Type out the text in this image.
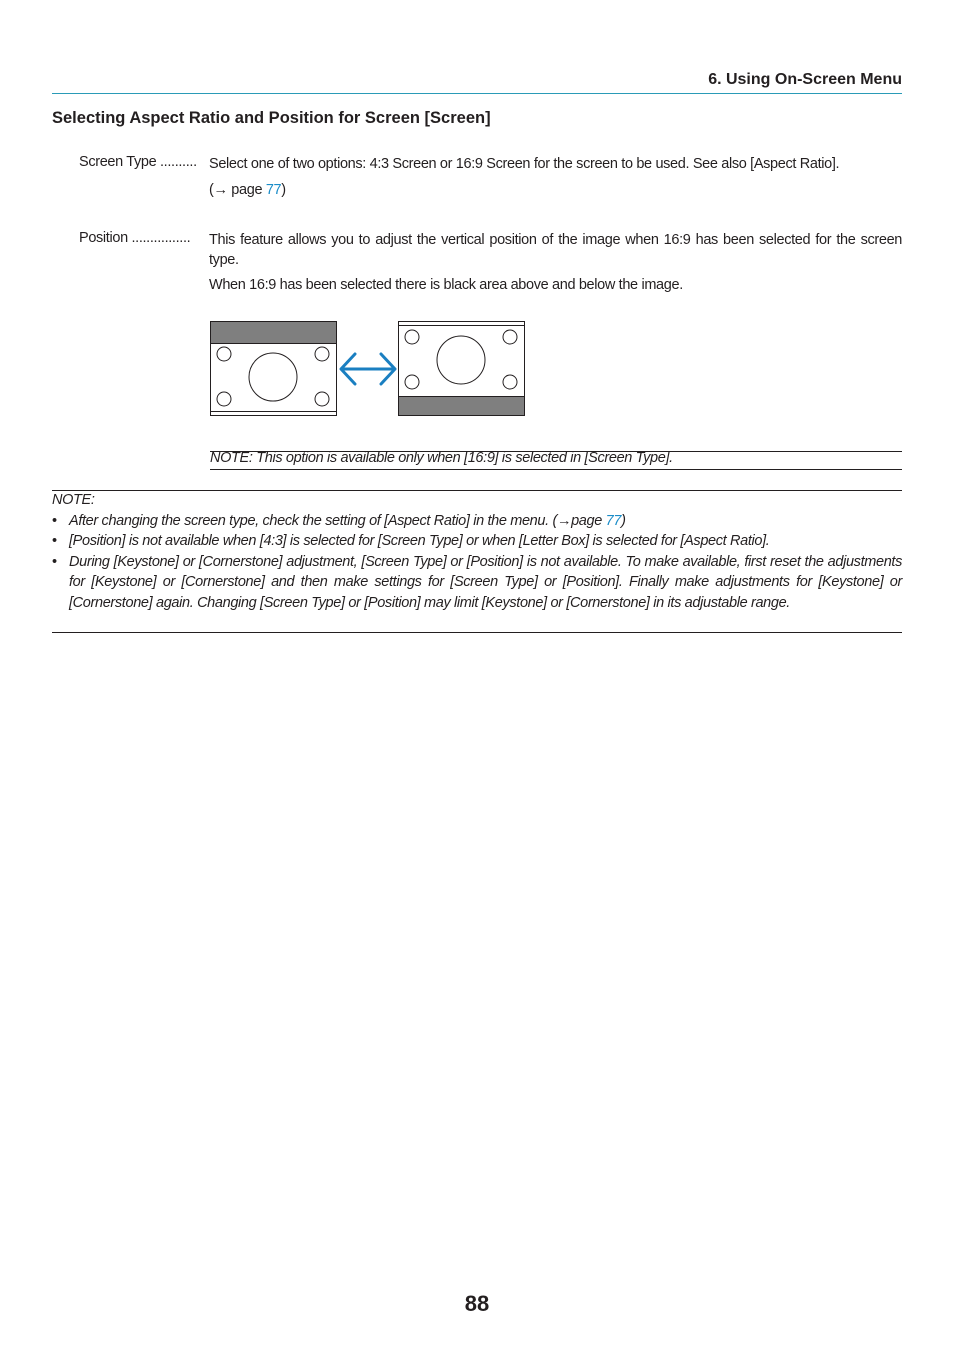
6. Using On-Screen Menu
Selecting Aspect Ratio and Position for Screen [Screen]
Screen Type .......... Select one of two options: 4:3 Screen or 16:9 Screen for the screen to be used. See also [Aspect Ratio].

(→ page 77)

Position ................ This feature allows you to adjust the vertical position of the image when 16:9 has been selected for the screen type.

When 16:9 has been selected there is black area above and below the image.

NOTE: This option is available only when [16:9] is selected in [Screen Type].
NOTE:
• After changing the screen type, check the setting of [Aspect Ratio] in the menu. (→page 77)
• [Position] is not available when [4:3] is selected for [Screen Type] or when [Letter Box] is selected for [Aspect Ratio].
• During [Keystone] or [Cornerstone] adjustment, [Screen Type] or [Position] is not available. To make available, first reset the adjustments for [Keystone] or [Cornerstone] and then make settings for [Screen Type] or [Position]. Finally make adjustments for [Keystone] or [Cornerstone] again. Changing [Screen Type] or [Position] may limit [Keystone] or [Cornerstone] in its adjustable range.
88
